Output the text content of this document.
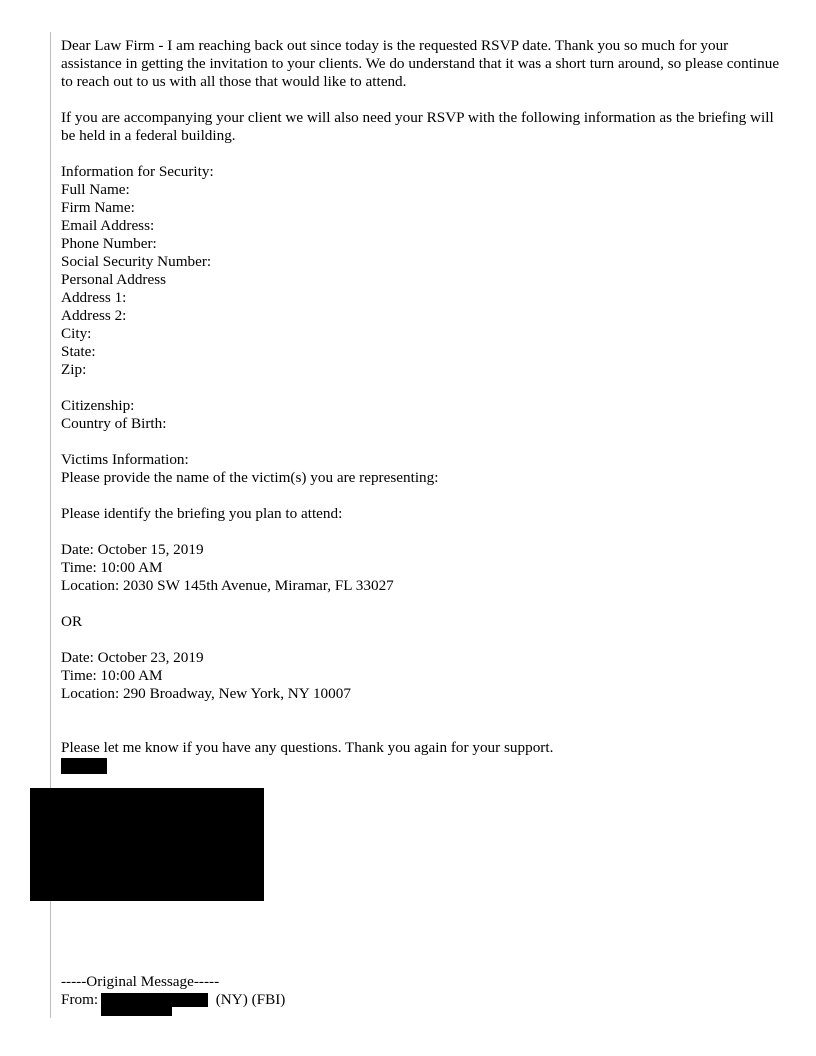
Dear Law Firm - I am reaching back out since today is the requested RSVP date. Thank you so much for your assistance in getting the invitation to your clients. We do understand that it was a short turn around, so please continue to reach out to us with all those that would like to attend.

If you are accompanying your client we will also need your RSVP with the following information as the briefing will be held in a federal building.

Information for Security:

Full Name:

Firm Name:

Email Address:

Phone Number:

Social Security Number:

Personal Address

Address 1:

Address 2:

City:

State:

Zip:

Citizenship:

Country of Birth:

Victims Information:

Please provide the name of the victim(s) you are representing:

Please identify the briefing you plan to attend:

Date: October 15, 2019

Time: 10:00 AM

Location: 2030 SW 145th Avenue, Miramar, FL 33027

OR

Date: October 23, 2019

Time: 10:00 AM

Location: 290 Broadway, New York, NY 10007

Please let me know if you have any questions. Thank you again for your support.

-----Original Message-----
From:	(NY) (FBI)
